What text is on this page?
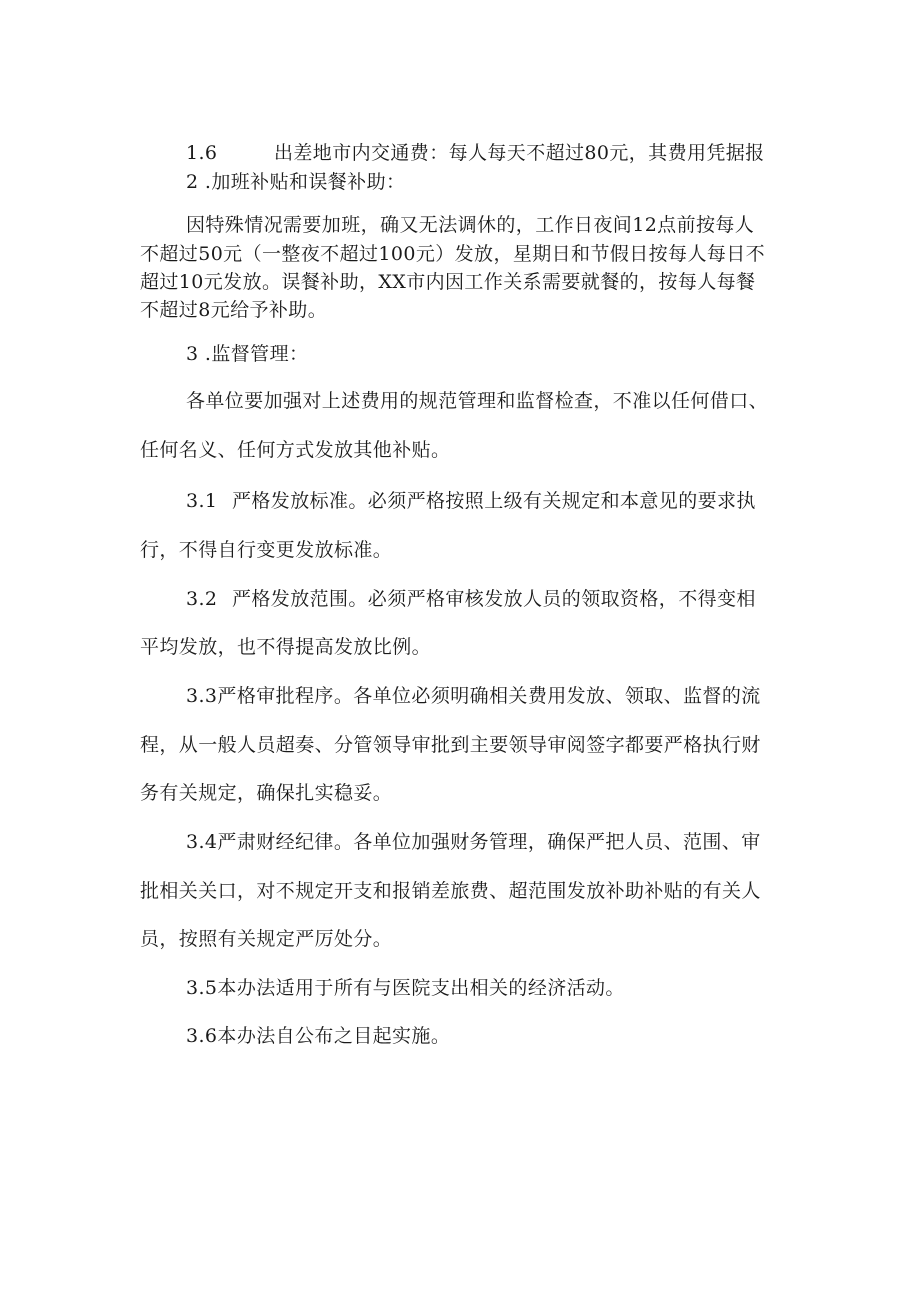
1.6	出差地市内交通费：每人每天不超过80元，其费用凭据报
2 .加班补贴和误餐补助：
因特殊情况需要加班，确又无法调休的，工作日夜间12点前按每人
不超过50元（一整夜不超过100元）发放，星期日和节假日按每人每日不
超过10元发放。误餐补助，XX市内因工作关系需要就餐的，按每人每餐
不超过8元给予补助。
3 .监督管理：
各单位要加强对上述费用的规范管理和监督检查，不准以任何借口、
任何名义、任何方式发放其他补贴。
3.1 严格发放标准。必须严格按照上级有关规定和本意见的要求执
行，不得自行变更发放标准。
3.2 严格发放范围。必须严格审核发放人员的领取资格，不得变相
平均发放，也不得提高发放比例。
3.3严格审批程序。各单位必须明确相关费用发放、领取、监督的流
程，从一般人员超奏、分管领导审批到主要领导审阅签字都要严格执行财
务有关规定，确保扎实稳妥。
3.4严肃财经纪律。各单位加强财务管理，确保严把人员、范围、审
批相关关口，对不规定开支和报销差旅费、超范围发放补助补贴的有关人
员，按照有关规定严厉处分。
3.5本办法适用于所有与医院支出相关的经济活动。
3.6本办法自公布之目起实施。
